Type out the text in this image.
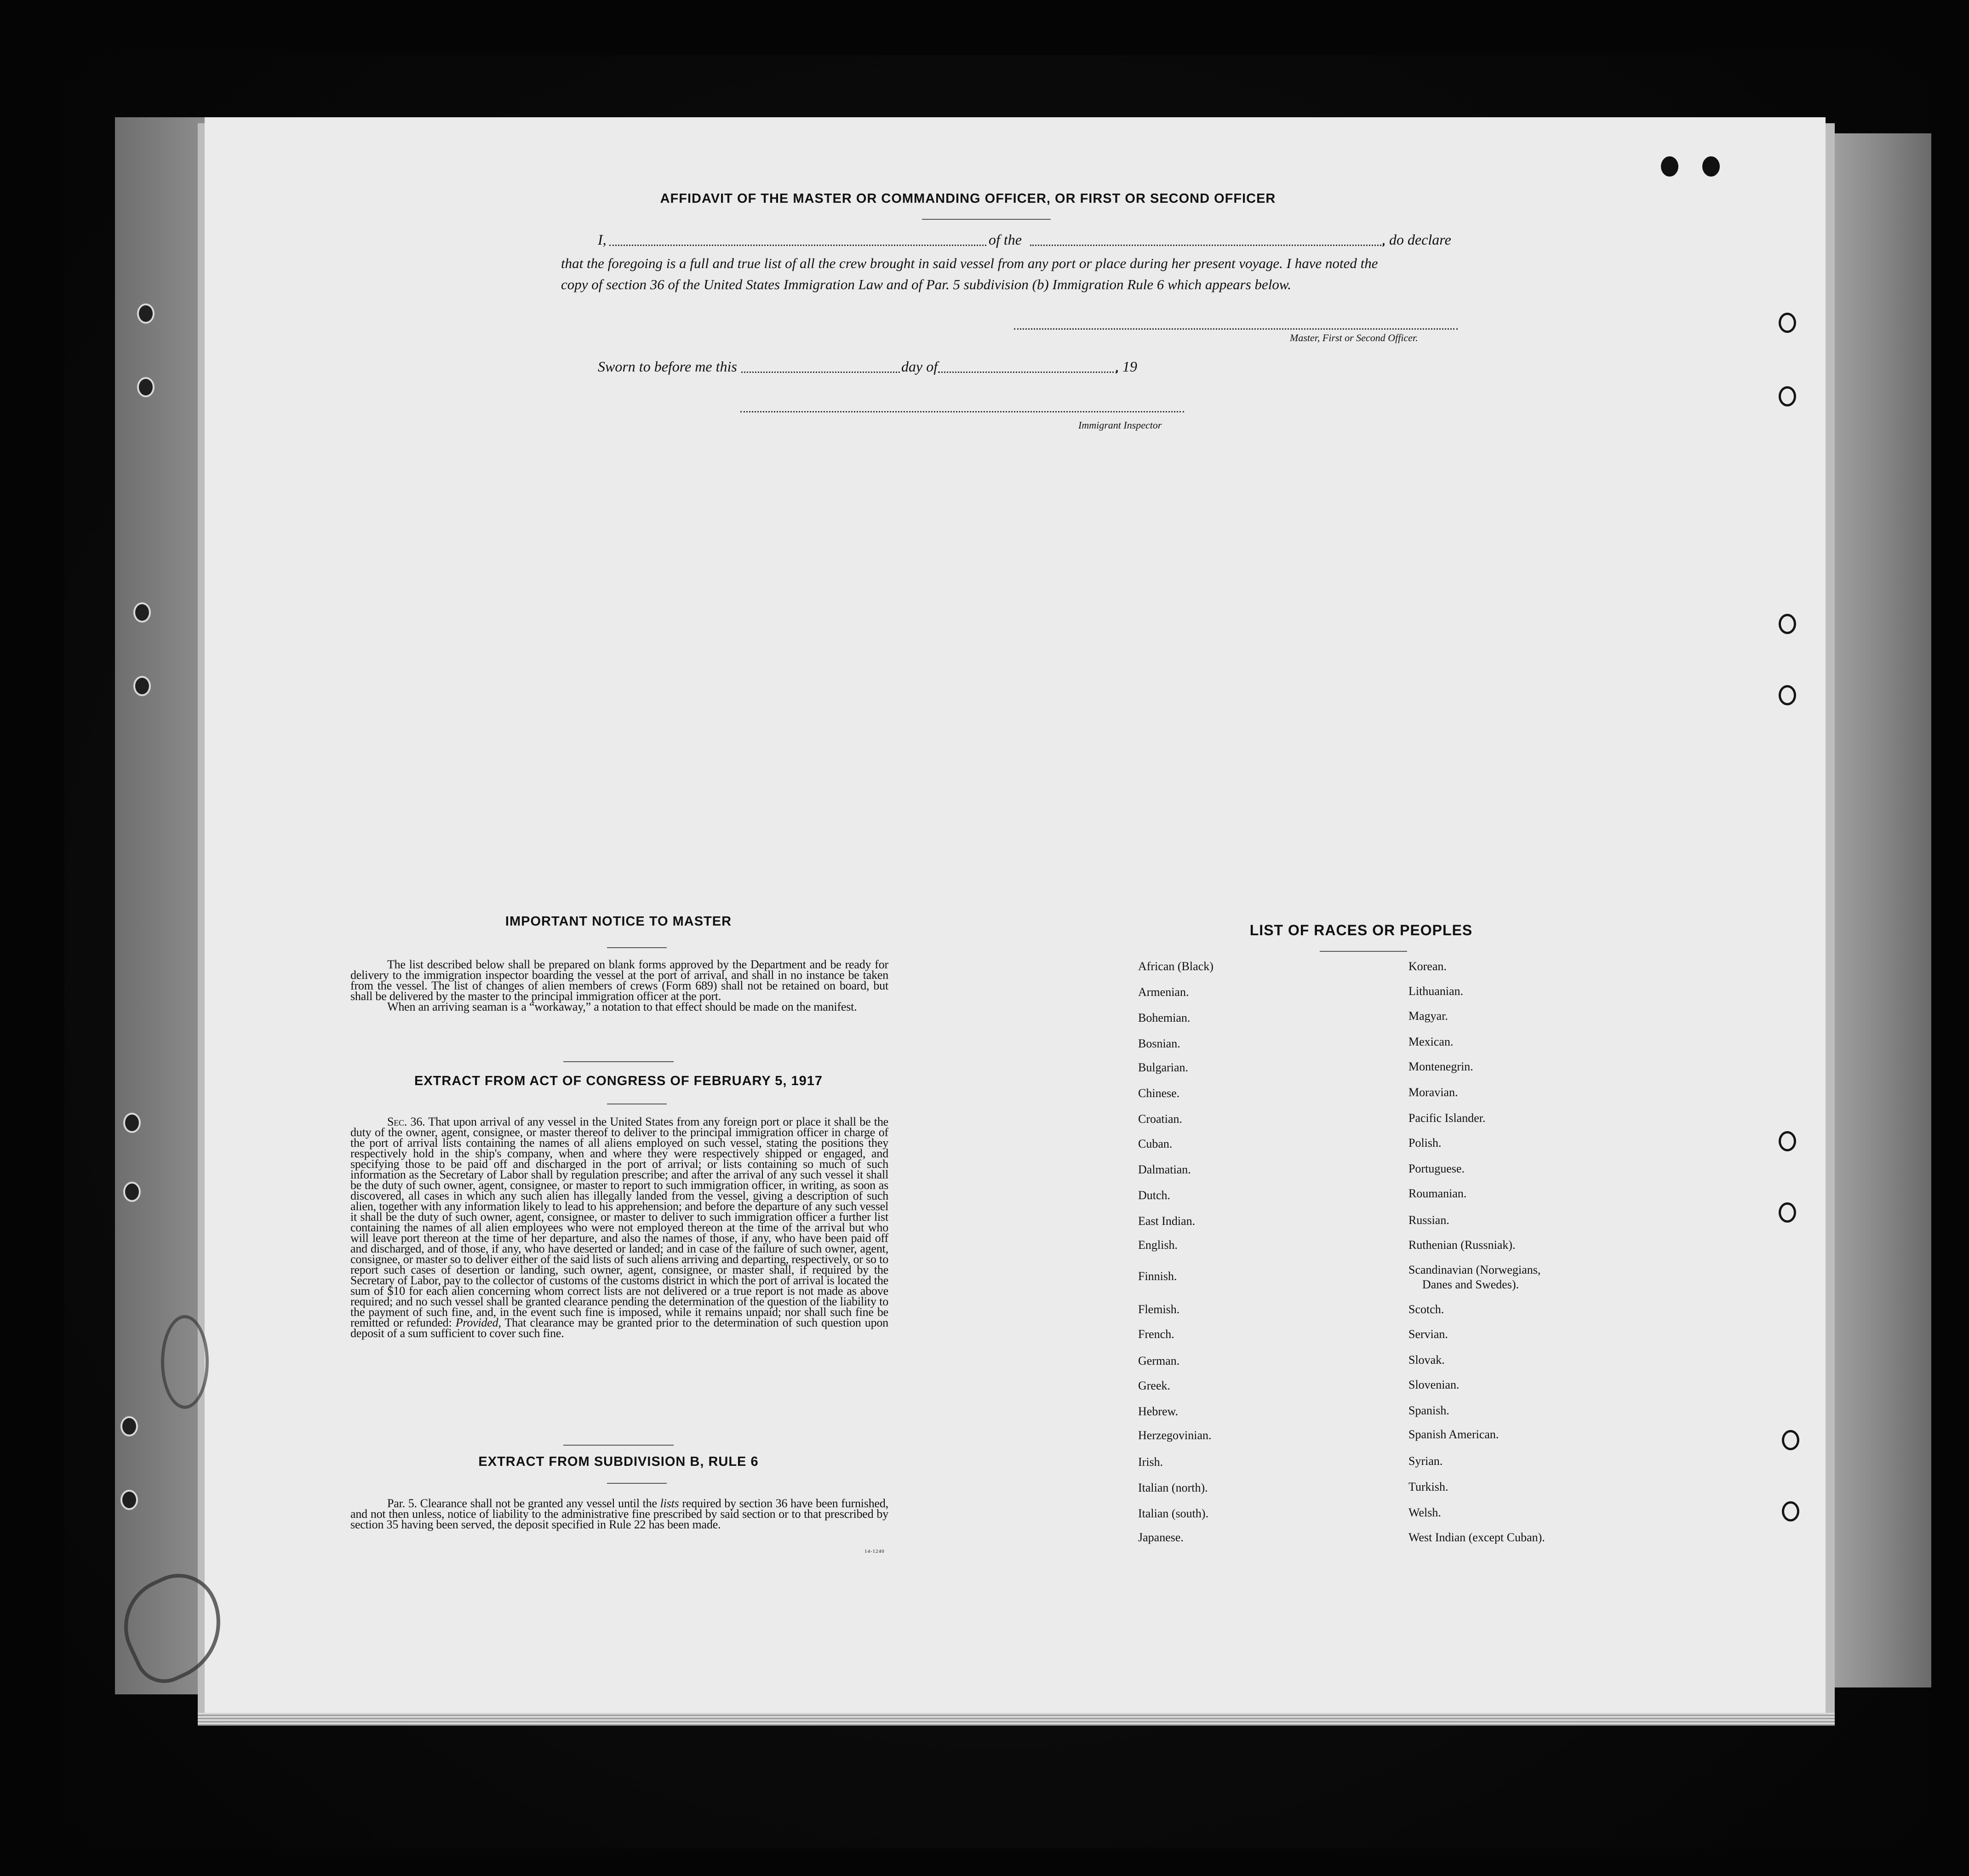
AFFIDAVIT OF THE MASTER OR COMMANDING OFFICER, OR FIRST OR SECOND OFFICER
I,	of the	, do declare
that the foregoing is a full and true list of all the crew brought in said vessel from any port or place during her present voyage. I have noted the
copy of section 36 of the United States Immigration Law and of Par. 5 subdivision (b) Immigration Rule 6 which appears below.
Master, First or Second Officer.
Sworn to before me this	day of	, 19
Immigrant Inspector
IMPORTANT NOTICE TO MASTER

The list described below shall be prepared on blank forms approved by the Department and be ready for delivery to the immigration inspector boarding the vessel at the port of arrival, and shall in no instance be taken from the vessel. The list of changes of alien members of crews (Form 689) shall not be retained on board, but shall be delivered by the master to the principal immigration officer at the port.

When an arriving seaman is a “workaway,” a notation to that effect should be made on the manifest.

EXTRACT FROM ACT OF CONGRESS OF FEBRUARY 5, 1917

Sec. 36. That upon arrival of any vessel in the United States from any foreign port or place it shall be the duty of the owner, agent, consignee, or master thereof to deliver to the principal immigration officer in charge of the port of arrival lists containing the names of all aliens employed on such vessel, stating the positions they respectively hold in the ship's company, when and where they were respectively shipped or engaged, and specifying those to be paid off and discharged in the port of arrival; or lists containing so much of such information as the Secretary of Labor shall by regulation prescribe; and after the arrival of any such vessel it shall be the duty of such owner, agent, consignee, or master to report to such immigration officer, in writing, as soon as discovered, all cases in which any such alien has illegally landed from the vessel, giving a description of such alien, together with any information likely to lead to his apprehension; and before the departure of any such vessel it shall be the duty of such owner, agent, consignee, or master to deliver to such immigration officer a further list containing the names of all alien employees who were not employed thereon at the time of the arrival but who will leave port thereon at the time of her departure, and also the names of those, if any, who have been paid off and discharged, and of those, if any, who have deserted or landed; and in case of the failure of such owner, agent, consignee, or master so to deliver either of the said lists of such aliens arriving and departing, respectively, or so to report such cases of desertion or landing, such owner, agent, consignee, or master shall, if required by the Secretary of Labor, pay to the collector of customs of the customs district in which the port of arrival is located the sum of $10 for each alien concerning whom correct lists are not delivered or a true report is not made as above required; and no such vessel shall be granted clearance pending the determination of the question of the liability to the payment of such fine, and, in the event such fine is imposed, while it remains unpaid; nor shall such fine be remitted or refunded: Provided, That clearance may be granted prior to the determination of such question upon deposit of a sum sufficient to cover such fine.

EXTRACT FROM SUBDIVISION B, RULE 6

Par. 5. Clearance shall not be granted any vessel until the lists required by section 36 have been furnished, and not then unless, notice of liability to the administrative fine prescribed by said section or to that prescribed by section 35 having been served, the deposit specified in Rule 22 has been made.

14-1240
LIST OF RACES OR PEOPLES
African (Black)
Armenian.
Bohemian.
Bosnian.
Bulgarian.
Chinese.
Croatian.
Cuban.
Dalmatian.
Dutch.
East Indian.
English.
Finnish.
Flemish.
French.
German.
Greek.
Hebrew.
Herzegovinian.
Irish.
Italian (north).
Italian (south).
Japanese.
Korean.
Lithuanian.
Magyar.
Mexican.
Montenegrin.
Moravian.
Pacific Islander.
Polish.
Portuguese.
Roumanian.
Russian.
Ruthenian (Russniak).
Scandinavian (Norwegians,
Scotch.
Servian.
Slovak.
Slovenian.
Spanish.
Spanish American.
Syrian.
Turkish.
Welsh.
West Indian (except Cuban).
Danes and Swedes).
